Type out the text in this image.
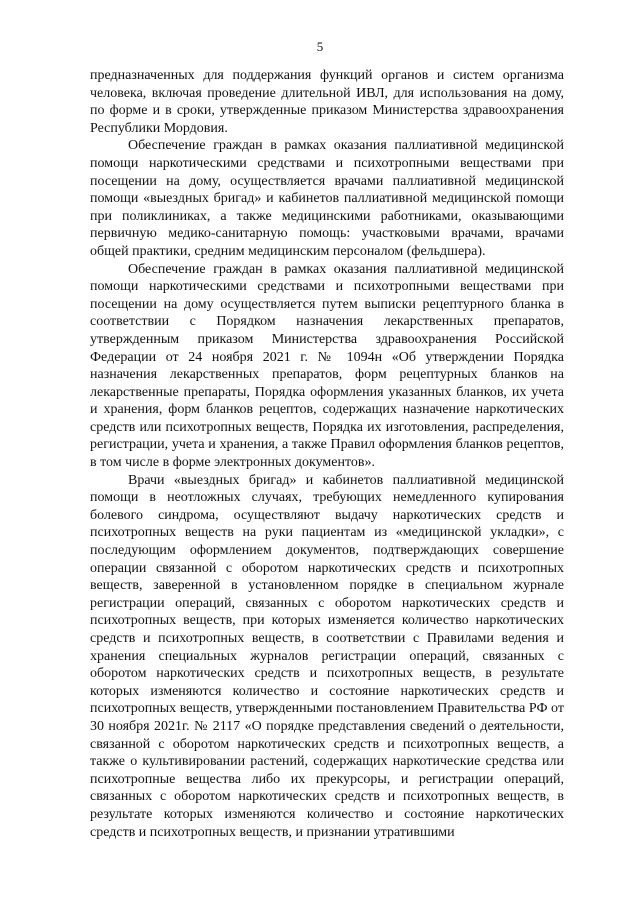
5

предназначенных для поддержания функций органов и систем организма человека, включая проведение длительной ИВЛ, для использования на дому, по форме и в сроки, утвержденные приказом Министерства здравоохранения Республики Мордовия.

Обеспечение граждан в рамках оказания паллиативной медицинской помощи наркотическими средствами и психотропными веществами при посещении на дому, осуществляется врачами паллиативной медицинской помощи «выездных бригад» и кабинетов паллиативной медицинской помощи при поликлиниках, а также медицинскими работниками, оказывающими первичную медико-санитарную помощь: участковыми врачами, врачами общей практики, средним медицинским персоналом (фельдшера).

Обеспечение граждан в рамках оказания паллиативной медицинской помощи наркотическими средствами и психотропными веществами при посещении на дому осуществляется путем выписки рецептурного бланка в соответствии с Порядком назначения лекарственных препаратов, утвержденным приказом Министерства здравоохранения Российской Федерации от 24 ноября 2021 г. № 1094н «Об утверждении Порядка назначения лекарственных препаратов, форм рецептурных бланков на лекарственные препараты, Порядка оформления указанных бланков, их учета и хранения, форм бланков рецептов, содержащих назначение наркотических средств или психотропных веществ, Порядка их изготовления, распределения, регистрации, учета и хранения, а также Правил оформления бланков рецептов, в том числе в форме электронных документов».

Врачи «выездных бригад» и кабинетов паллиативной медицинской помощи в неотложных случаях, требующих немедленного купирования болевого синдрома, осуществляют выдачу наркотических средств и психотропных веществ на руки пациентам из «медицинской укладки», с последующим оформлением документов, подтверждающих совершение операции связанной с оборотом наркотических средств и психотропных веществ, заверенной в установленном порядке в специальном журнале регистрации операций, связанных с оборотом наркотических средств и психотропных веществ, при которых изменяется количество наркотических средств и психотропных веществ, в соответствии с Правилами ведения и хранения специальных журналов регистрации операций, связанных с оборотом наркотических средств и психотропных веществ, в результате которых изменяются количество и состояние наркотических средств и психотропных веществ, утвержденными постановлением Правительства РФ от 30 ноября 2021г. № 2117 «О порядке представления сведений о деятельности, связанной с оборотом наркотических средств и психотропных веществ, а также о культивировании растений, содержащих наркотические средства или психотропные вещества либо их прекурсоры, и регистрации операций, связанных с оборотом наркотических средств и психотропных веществ, в результате которых изменяются количество и состояние наркотических средств и психотропных веществ, и признании утратившими
